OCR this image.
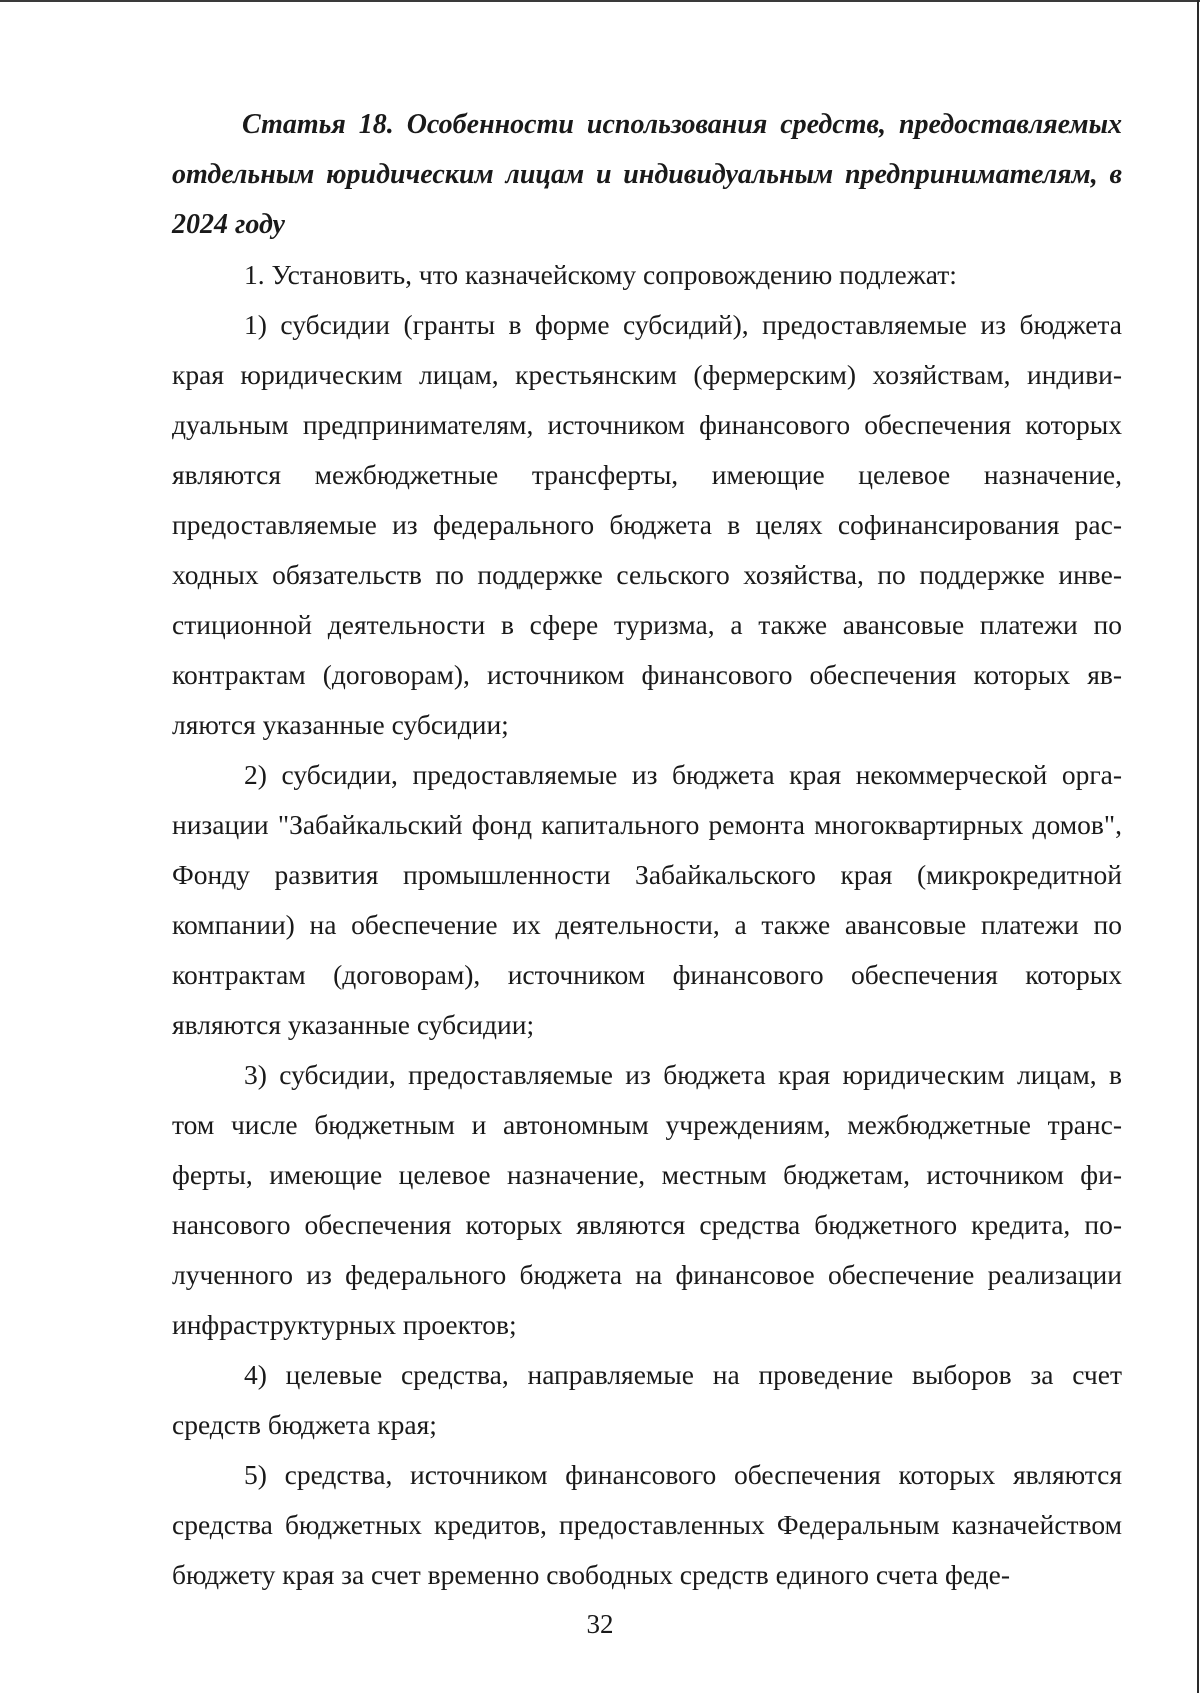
Статья 18. Особенности использования средств, предоставляемых отдельным юридическим лицам и индивидуальным предпринимателям, в 2024 году

1. Установить, что казначейскому сопровождению подлежат:

1) субсидии (гранты в форме субсидий), предоставляемые из бюджета края юридическим лицам, крестьянским (фермерским) хозяйствам, индивидуальным предпринимателям, источником финансового обеспечения которых являются межбюджетные трансферты, имеющие целевое назначение, предоставляемые из федерального бюджета в целях софинансирования расходных обязательств по поддержке сельского хозяйства, по поддержке инвестиционной деятельности в сфере туризма, а также авансовые платежи по контрактам (договорам), источником финансового обеспечения которых являются указанные субсидии;

2) субсидии, предоставляемые из бюджета края некоммерческой организации "Забайкальский фонд капитального ремонта многоквартирных домов", Фонду развития промышленности Забайкальского края (микрокредитной компании) на обеспечение их деятельности, а также авансовые платежи по контрактам (договорам), источником финансового обеспечения которых являются указанные субсидии;

3) субсидии, предоставляемые из бюджета края юридическим лицам, в том числе бюджетным и автономным учреждениям, межбюджетные трансферты, имеющие целевое назначение, местным бюджетам, источником финансового обеспечения которых являются средства бюджетного кредита, полученного из федерального бюджета на финансовое обеспечение реализации инфраструктурных проектов;

4) целевые средства, направляемые на проведение выборов за счет средств бюджета края;

5) средства, источником финансового обеспечения которых являются средства бюджетных кредитов, предоставленных Федеральным казначейством бюджету края за счет временно свободных средств единого счета феде-

32
